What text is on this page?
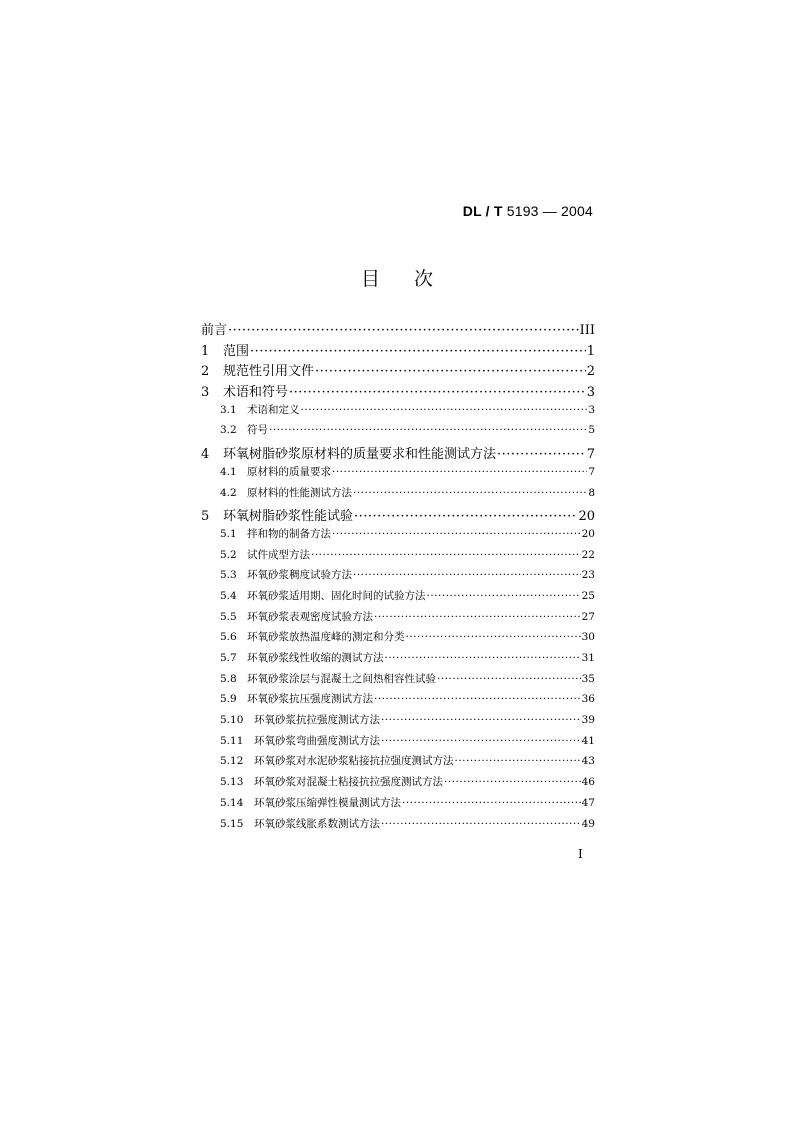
DL / T 5193 — 2004
目次
前言 ·····	III
1	范围 ·····	1
2	规范性引用文件 ·····	2
3	术语和符号 ·····	3
3.1 术语和定义 ·····	3
3.2 符号 ·····	5
4	环氧树脂砂浆原材料的质量要求和性能测试方法 ·····	7
4.1 原材料的质量要求 ·····	7
4.2 原材料的性能测试方法 ·····	8
5	环氧树脂砂浆性能试验 ·····	20
5.1 拌和物的制备方法 ·····	20
5.2 试件成型方法 ·····	22
5.3 环氧砂浆稠度试验方法 ·····	23
5.4 环氧砂浆适用期、固化时间的试验方法 ·····	25
5.5 环氧砂浆表观密度试验方法 ·····	27
5.6 环氧砂浆放热温度峰的测定和分类 ·····	30
5.7 环氧砂浆线性收缩的测试方法 ·····	31
5.8 环氧砂浆涂层与混凝土之间热相容性试验 ·····	35
5.9 环氧砂浆抗压强度测试方法 ·····	36
5.10	环氧砂浆抗拉强度测试方法 ·····	39
5.11	环氧砂浆弯曲强度测试方法 ·····	41
5.12	环氧砂浆对水泥砂浆粘接抗拉强度测试方法 ·····	43
5.13	环氧砂浆对混凝土粘接抗拉强度测试方法 ·····	46
5.14	环氧砂浆压缩弹性模量测试方法 ·····	47
5.15	环氧砂浆线胀系数测试方法 ·····	49
I
